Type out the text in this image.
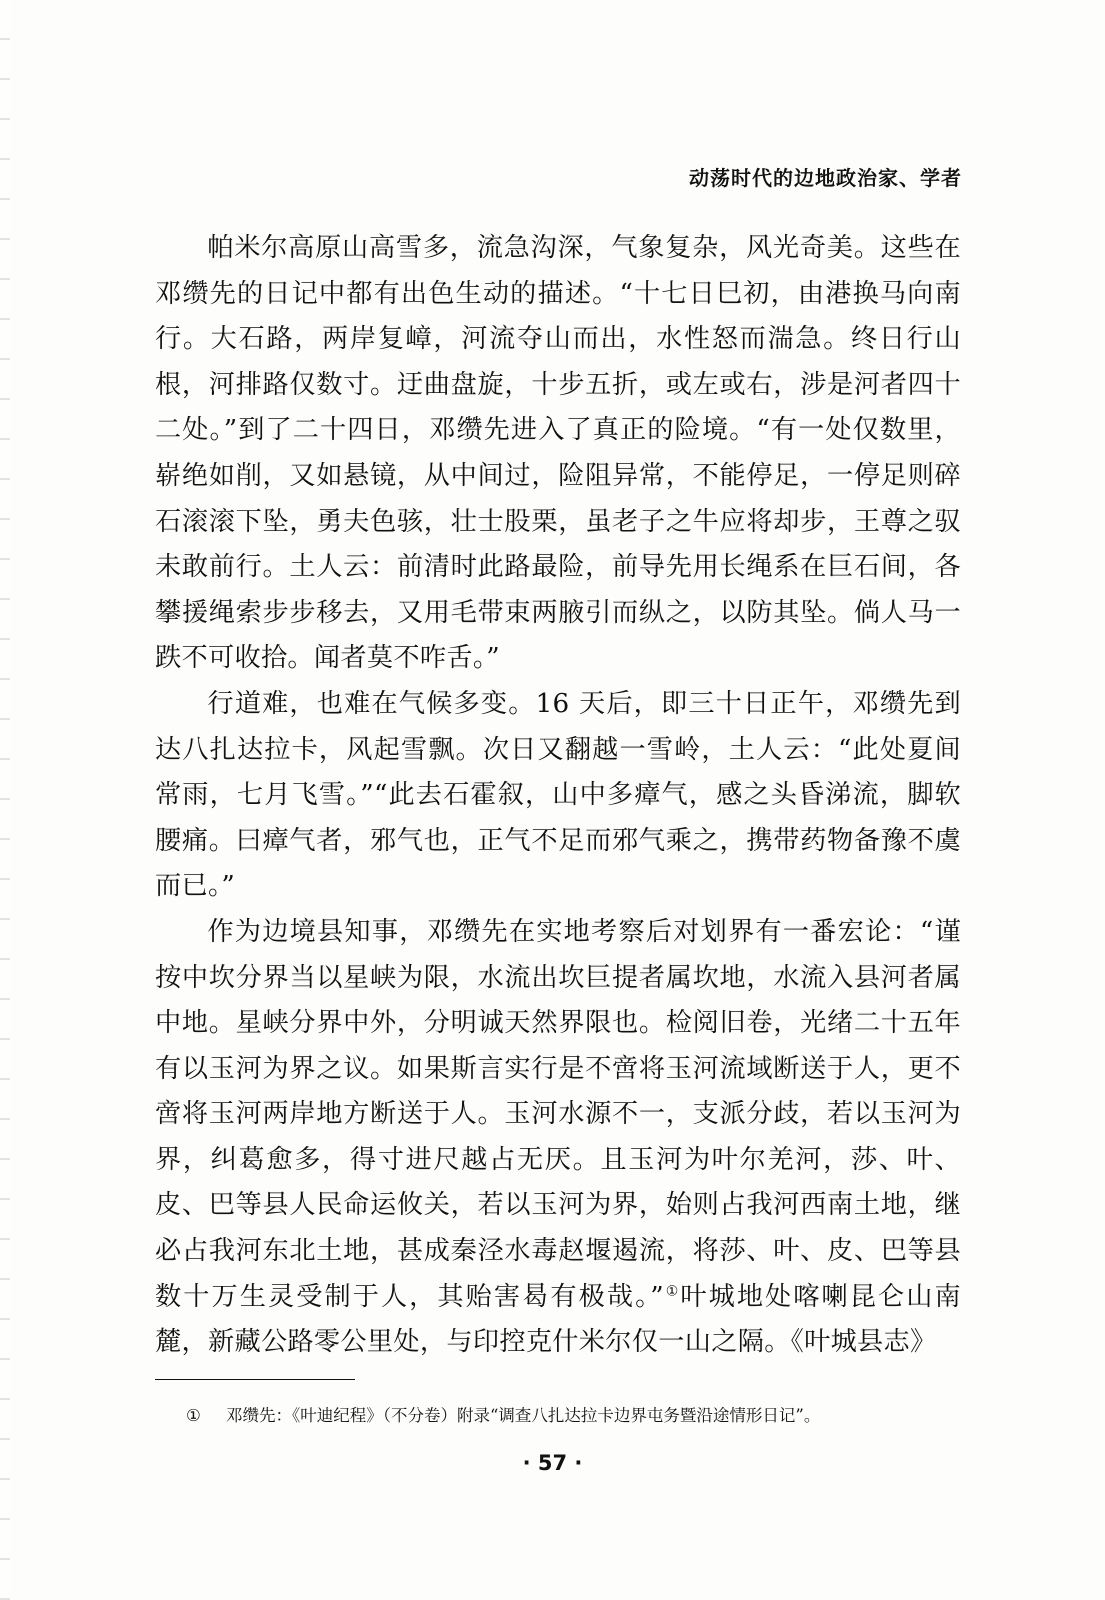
动荡时代的边地政治家、学者

帕米尔高原山高雪多，流急沟深，气象复杂，风光奇美。这些在邓缵先的日记中都有出色生动的描述。“十七日巳初，由港换马向南行。大石路，两岸复嶂，河流夺山而出，水性怒而湍急。终日行山根，河排路仅数寸。迂曲盘旋，十步五折，或左或右，涉是河者四十二处。”到了二十四日，邓缵先进入了真正的险境。“有一处仅数里，崭绝如削，又如悬镜，从中间过，险阻异常，不能停足，一停足则碎石滚滚下坠，勇夫色骇，壮士股栗，虽老子之牛应将却步，王尊之驭未敢前行。土人云：前清时此路最险，前导先用长绳系在巨石间，各攀援绳索步步移去，又用毛带束两腋引而纵之，以防其坠。倘人马一跌不可收拾。闻者莫不咋舌。”

行道难，也难在气候多变。16 天后，即三十日正午，邓缵先到达八扎达拉卡，风起雪飘。次日又翻越一雪岭，土人云：“此处夏间常雨，七月飞雪。”“此去石霍叙，山中多瘴气，感之头昏涕流，脚软腰痛。曰瘴气者，邪气也，正气不足而邪气乘之，携带药物备豫不虞而已。”

作为边境县知事，邓缵先在实地考察后对划界有一番宏论：“谨按中坎分界当以星峡为限，水流出坎巨提者属坎地，水流入县河者属中地。星峡分界中外，分明诚天然界限也。检阅旧卷，光绪二十五年有以玉河为界之议。如果斯言实行是不啻将玉河流域断送于人，更不啻将玉河两岸地方断送于人。玉河水源不一，支派分歧，若以玉河为界，纠葛愈多，得寸进尺越占无厌。且玉河为叶尔羌河，莎、叶、皮、巴等县人民命运攸关，若以玉河为界，始则占我河西南土地，继必占我河东北土地，甚成秦泾水毒赵堰遏流，将莎、叶、皮、巴等县数十万生灵受制于人，其贻害曷有极哉。”①叶城地处喀喇昆仑山南麓，新藏公路零公里处，与印控克什米尔仅一山之隔。《叶城县志》

① 邓缵先：《叶迪纪程》（不分卷）附录“调查八扎达拉卡边界屯务暨沿途情形日记”。
· 57 ·
